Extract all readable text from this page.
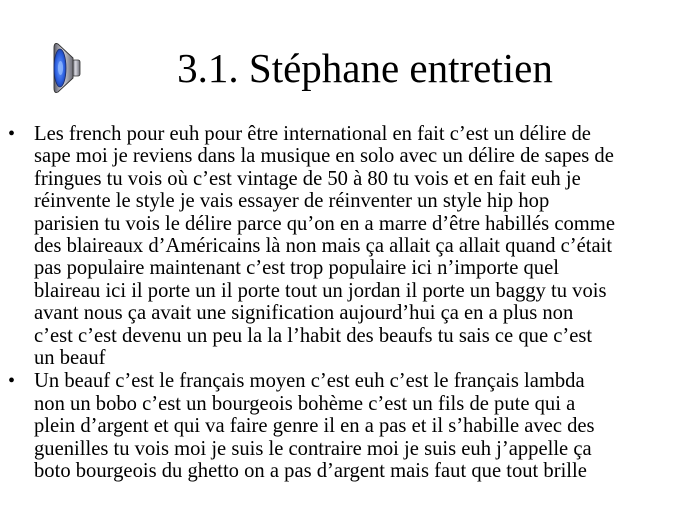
3.1. Stéphane entretien
• Les french pour euh pour être international en fait c’est un délire de
sape moi je reviens dans la musique en solo avec un délire de sapes de
fringues tu vois où c’est vintage de 50 à 80 tu vois et en fait euh je
réinvente le style je vais essayer de réinventer un style hip hop
parisien tu vois le délire parce qu’on en a marre d’être habillés comme
des blaireaux d’Américains là non mais ça allait ça allait quand c’était
pas populaire maintenant c’est trop populaire ici n’importe quel
blaireau ici il porte un il porte tout un jordan il porte un baggy tu vois
avant nous ça avait une signification aujourd’hui ça en a plus non
c’est c’est devenu un peu la la l’habit des beaufs tu sais ce que c’est
un beauf
• Un beauf c’est le français moyen c’est euh c’est le français lambda
non un bobo c’est un bourgeois bohème c’est un fils de pute qui a
plein d’argent et qui va faire genre il en a pas et il s’habille avec des
guenilles tu vois moi je suis le contraire moi je suis euh j’appelle ça
boto bourgeois du ghetto on a pas d’argent mais faut que tout brille
